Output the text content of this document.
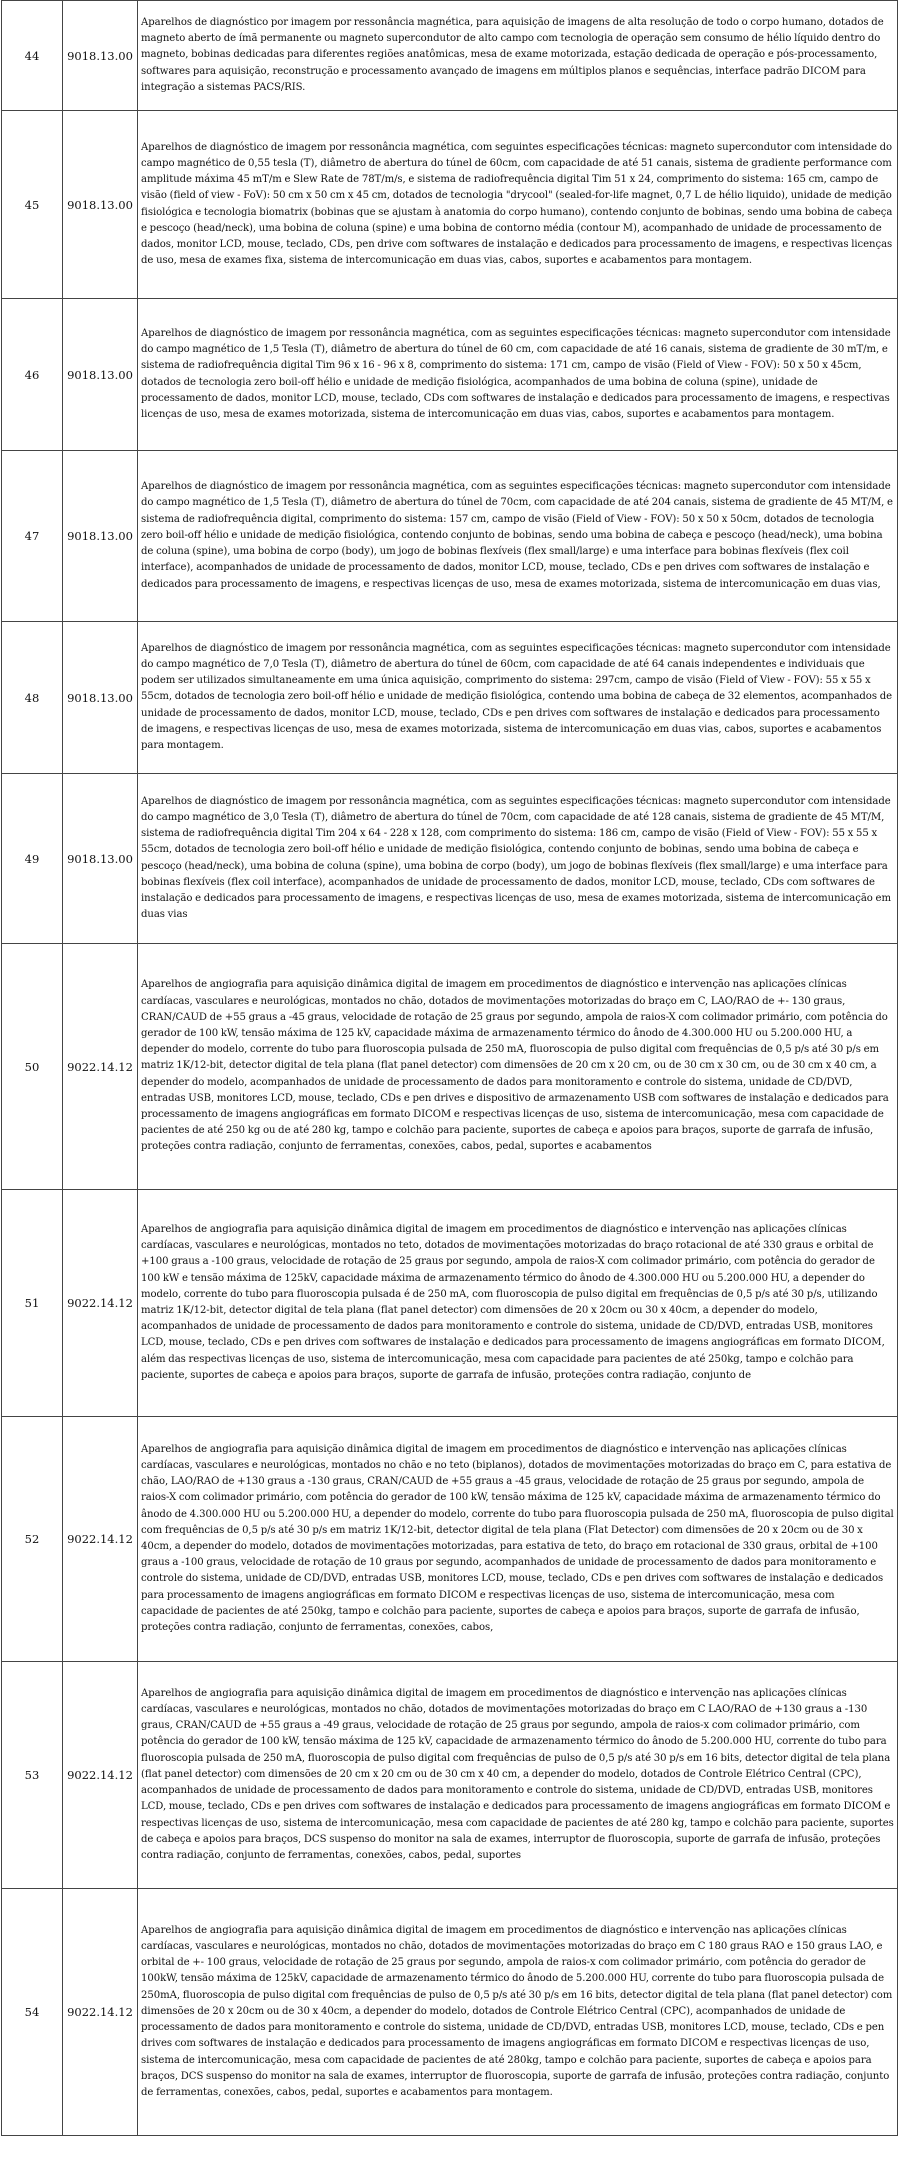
44	9018.13.00	Aparelhos de diagnóstico por imagem por ressonância magnética, para aquisição de imagens de alta resolução de todo o corpo humano, dotados de magneto aberto de ímã permanente ou magneto supercondutor de alto campo com tecnologia de operação sem consumo de hélio líquido dentro do magneto, bobinas dedicadas para diferentes regiões anatômicas, mesa de exame motorizada, estação dedicada de operação e pós-processamento, softwares para aquisição, reconstrução e processamento avançado de imagens em múltiplos planos e sequências, interface padrão DICOM para integração a sistemas PACS/RIS.
45	9018.13.00	Aparelhos de diagnóstico de imagem por ressonância magnética, com seguintes especificações técnicas: magneto supercondutor com intensidade do campo magnético de 0,55 tesla (T), diâmetro de abertura do túnel de 60cm, com capacidade de até 51 canais, sistema de gradiente performance com amplitude máxima 45 mT/m e Slew Rate de 78T/m/s, e sistema de radiofrequência digital Tim 51 x 24, comprimento do sistema: 165 cm, campo de visão (field of view - FoV): 50 cm x 50 cm x 45 cm, dotados de tecnologia "drycool" (sealed-for-life magnet, 0,7 L de hélio liquido), unidade de medição fisiológica e tecnologia biomatrix (bobinas que se ajustam à anatomia do corpo humano), contendo conjunto de bobinas, sendo uma bobina de cabeça e pescoço (head/neck), uma bobina de coluna (spine) e uma bobina de contorno média (contour M), acompanhado de unidade de processamento de dados, monitor LCD, mouse, teclado, CDs, pen drive com softwares de instalação e dedicados para processamento de imagens, e respectivas licenças de uso, mesa de exames fixa, sistema de intercomunicação em duas vias, cabos, suportes e acabamentos para montagem.
46	9018.13.00	Aparelhos de diagnóstico de imagem por ressonância magnética, com as seguintes especificações técnicas: magneto supercondutor com intensidade do campo magnético de 1,5 Tesla (T), diâmetro de abertura do túnel de 60 cm, com capacidade de até 16 canais, sistema de gradiente de 30 mT/m, e sistema de radiofrequência digital Tim 96 x 16 - 96 x 8, comprimento do sistema: 171 cm, campo de visão (Field of View - FOV): 50 x 50 x 45cm, dotados de tecnologia zero boil-off hélio e unidade de medição fisiológica, acompanhados de uma bobina de coluna (spine), unidade de processamento de dados, monitor LCD, mouse, teclado, CDs com softwares de instalação e dedicados para processamento de imagens, e respectivas licenças de uso, mesa de exames motorizada, sistema de intercomunicação em duas vias, cabos, suportes e acabamentos para montagem.
47	9018.13.00	Aparelhos de diagnóstico de imagem por ressonância magnética, com as seguintes especificações técnicas: magneto supercondutor com intensidade do campo magnético de 1,5 Tesla (T), diâmetro de abertura do túnel de 70cm, com capacidade de até 204 canais, sistema de gradiente de 45 MT/M, e sistema de radiofrequência digital, comprimento do sistema: 157 cm, campo de visão (Field of View - FOV): 50 x 50 x 50cm, dotados de tecnologia zero boil-off hélio e unidade de medição fisiológica, contendo conjunto de bobinas, sendo uma bobina de cabeça e pescoço (head/neck), uma bobina de coluna (spine), uma bobina de corpo (body), um jogo de bobinas flexíveis (flex small/large) e uma interface para bobinas flexíveis (flex coil interface), acompanhados de unidade de processamento de dados, monitor LCD, mouse, teclado, CDs e pen drives com softwares de instalação e dedicados para processamento de imagens, e respectivas licenças de uso, mesa de exames motorizada, sistema de intercomunicação em duas vias,
48	9018.13.00	Aparelhos de diagnóstico de imagem por ressonância magnética, com as seguintes especificações técnicas: magneto supercondutor com intensidade do campo magnético de 7,0 Tesla (T), diâmetro de abertura do túnel de 60cm, com capacidade de até 64 canais independentes e individuais que podem ser utilizados simultaneamente em uma única aquisição, comprimento do sistema: 297cm, campo de visão (Field of View - FOV): 55 x 55 x 55cm, dotados de tecnologia zero boil-off hélio e unidade de medição fisiológica, contendo uma bobina de cabeça de 32 elementos, acompanhados de unidade de processamento de dados, monitor LCD, mouse, teclado, CDs e pen drives com softwares de instalação e dedicados para processamento de imagens, e respectivas licenças de uso, mesa de exames motorizada, sistema de intercomunicação em duas vias, cabos, suportes e acabamentos para montagem.
49	9018.13.00	Aparelhos de diagnóstico de imagem por ressonância magnética, com as seguintes especificações técnicas: magneto supercondutor com intensidade do campo magnético de 3,0 Tesla (T), diâmetro de abertura do túnel de 70cm, com capacidade de até 128 canais, sistema de gradiente de 45 MT/M, sistema de radiofrequência digital Tim 204 x 64 - 228 x 128, com comprimento do sistema: 186 cm, campo de visão (Field of View - FOV): 55 x 55 x 55cm, dotados de tecnologia zero boil-off hélio e unidade de medição fisiológica, contendo conjunto de bobinas, sendo uma bobina de cabeça e pescoço (head/neck), uma bobina de coluna (spine), uma bobina de corpo (body), um jogo de bobinas flexíveis (flex small/large) e uma interface para bobinas flexíveis (flex coil interface), acompanhados de unidade de processamento de dados, monitor LCD, mouse, teclado, CDs com softwares de instalação e dedicados para processamento de imagens, e respectivas licenças de uso, mesa de exames motorizada, sistema de intercomunicação em duas vias
50	9022.14.12	Aparelhos de angiografia para aquisição dinâmica digital de imagem em procedimentos de diagnóstico e intervenção nas aplicações clínicas cardíacas, vasculares e neurológicas, montados no chão, dotados de movimentações motorizadas do braço em C, LAO/RAO de +- 130 graus, CRAN/CAUD de +55 graus a -45 graus, velocidade de rotação de 25 graus por segundo, ampola de raios-X com colimador primário, com potência do gerador de 100 kW, tensão máxima de 125 kV, capacidade máxima de armazenamento térmico do ânodo de 4.300.000 HU ou 5.200.000 HU, a depender do modelo, corrente do tubo para fluoroscopia pulsada de 250 mA, fluoroscopia de pulso digital com frequências de 0,5 p/s até 30 p/s em matriz 1K/12-bit, detector digital de tela plana (flat panel detector) com dimensões de 20 cm x 20 cm, ou de 30 cm x 30 cm, ou de 30 cm x 40 cm, a depender do modelo, acompanhados de unidade de processamento de dados para monitoramento e controle do sistema, unidade de CD/DVD, entradas USB, monitores LCD, mouse, teclado, CDs e pen drives e dispositivo de armazenamento USB com softwares de instalação e dedicados para processamento de imagens angiográficas em formato DICOM e respectivas licenças de uso, sistema de intercomunicação, mesa com capacidade de pacientes de até 250 kg ou de até 280 kg, tampo e colchão para paciente, suportes de cabeça e apoios para braços, suporte de garrafa de infusão, proteções contra radiação, conjunto de ferramentas, conexões, cabos, pedal, suportes e acabamentos
51	9022.14.12	Aparelhos de angiografia para aquisição dinâmica digital de imagem em procedimentos de diagnóstico e intervenção nas aplicações clínicas cardíacas, vasculares e neurológicas, montados no teto, dotados de movimentações motorizadas do braço rotacional de até 330 graus e orbital de +100 graus a -100 graus, velocidade de rotação de 25 graus por segundo, ampola de raios-X com colimador primário, com potência do gerador de 100 kW e tensão máxima de 125kV, capacidade máxima de armazenamento térmico do ânodo de 4.300.000 HU ou 5.200.000 HU, a depender do modelo, corrente do tubo para fluoroscopia pulsada é de 250 mA, com fluoroscopia de pulso digital em frequências de 0,5 p/s até 30 p/s, utilizando matriz 1K/12-bit, detector digital de tela plana (flat panel detector) com dimensões de 20 x 20cm ou 30 x 40cm, a depender do modelo, acompanhados de unidade de processamento de dados para monitoramento e controle do sistema, unidade de CD/DVD, entradas USB, monitores LCD, mouse, teclado, CDs e pen drives com softwares de instalação e dedicados para processamento de imagens angiográficas em formato DICOM, além das respectivas licenças de uso, sistema de intercomunicação, mesa com capacidade para pacientes de até 250kg, tampo e colchão para paciente, suportes de cabeça e apoios para braços, suporte de garrafa de infusão, proteções contra radiação, conjunto de
52	9022.14.12	Aparelhos de angiografia para aquisição dinâmica digital de imagem em procedimentos de diagnóstico e intervenção nas aplicações clínicas cardíacas, vasculares e neurológicas, montados no chão e no teto (biplanos), dotados de movimentações motorizadas do braço em C, para estativa de chão, LAO/RAO de +130 graus a -130 graus, CRAN/CAUD de +55 graus a -45 graus, velocidade de rotação de 25 graus por segundo, ampola de raios-X com colimador primário, com potência do gerador de 100 kW, tensão máxima de 125 kV, capacidade máxima de armazenamento térmico do ânodo de 4.300.000 HU ou 5.200.000 HU, a depender do modelo, corrente do tubo para fluoroscopia pulsada de 250 mA, fluoroscopia de pulso digital com frequências de 0,5 p/s até 30 p/s em matriz 1K/12-bit, detector digital de tela plana (Flat Detector) com dimensões de 20 x 20cm ou de 30 x 40cm, a depender do modelo, dotados de movimentações motorizadas, para estativa de teto, do braço em rotacional de 330 graus, orbital de +100 graus a -100 graus, velocidade de rotação de 10 graus por segundo, acompanhados de unidade de processamento de dados para monitoramento e controle do sistema, unidade de CD/DVD, entradas USB, monitores LCD, mouse, teclado, CDs e pen drives com softwares de instalação e dedicados para processamento de imagens angiográficas em formato DICOM e respectivas licenças de uso, sistema de intercomunicação, mesa com capacidade de pacientes de até 250kg, tampo e colchão para paciente, suportes de cabeça e apoios para braços, suporte de garrafa de infusão, proteções contra radiação, conjunto de ferramentas, conexões, cabos,
53	9022.14.12	Aparelhos de angiografia para aquisição dinâmica digital de imagem em procedimentos de diagnóstico e intervenção nas aplicações clínicas cardíacas, vasculares e neurológicas, montados no chão, dotados de movimentações motorizadas do braço em C LAO/RAO de +130 graus a -130 graus, CRAN/CAUD de +55 graus a -49 graus, velocidade de rotação de 25 graus por segundo, ampola de raios-x com colimador primário, com potência do gerador de 100 kW, tensão máxima de 125 kV, capacidade de armazenamento térmico do ânodo de 5.200.000 HU, corrente do tubo para fluoroscopia pulsada de 250 mA, fluoroscopia de pulso digital com frequências de pulso de 0,5 p/s até 30 p/s em 16 bits, detector digital de tela plana (flat panel detector) com dimensões de 20 cm x 20 cm ou de 30 cm x 40 cm, a depender do modelo, dotados de Controle Elétrico Central (CPC), acompanhados de unidade de processamento de dados para monitoramento e controle do sistema, unidade de CD/DVD, entradas USB, monitores LCD, mouse, teclado, CDs e pen drives com softwares de instalação e dedicados para processamento de imagens angiográficas em formato DICOM e respectivas licenças de uso, sistema de intercomunicação, mesa com capacidade de pacientes de até 280 kg, tampo e colchão para paciente, suportes de cabeça e apoios para braços, DCS suspenso do monitor na sala de exames, interruptor de fluoroscopia, suporte de garrafa de infusão, proteções contra radiação, conjunto de ferramentas, conexões, cabos, pedal, suportes
54	9022.14.12	Aparelhos de angiografia para aquisição dinâmica digital de imagem em procedimentos de diagnóstico e intervenção nas aplicações clínicas cardíacas, vasculares e neurológicas, montados no chão, dotados de movimentações motorizadas do braço em C 180 graus RAO e 150 graus LAO, e orbital de +- 100 graus, velocidade de rotação de 25 graus por segundo, ampola de raios-x com colimador primário, com potência do gerador de 100kW, tensão máxima de 125kV, capacidade de armazenamento térmico do ânodo de 5.200.000 HU, corrente do tubo para fluoroscopia pulsada de 250mA, fluoroscopia de pulso digital com frequências de pulso de 0,5 p/s até 30 p/s em 16 bits, detector digital de tela plana (flat panel detector) com dimensões de 20 x 20cm ou de 30 x 40cm, a depender do modelo, dotados de Controle Elétrico Central (CPC), acompanhados de unidade de processamento de dados para monitoramento e controle do sistema, unidade de CD/DVD, entradas USB, monitores LCD, mouse, teclado, CDs e pen drives com softwares de instalação e dedicados para processamento de imagens angiográficas em formato DICOM e respectivas licenças de uso, sistema de intercomunicação, mesa com capacidade de pacientes de até 280kg, tampo e colchão para paciente, suportes de cabeça e apoios para braços, DCS suspenso do monitor na sala de exames, interruptor de fluoroscopia, suporte de garrafa de infusão, proteções contra radiação, conjunto de ferramentas, conexões, cabos, pedal, suportes e acabamentos para montagem.
